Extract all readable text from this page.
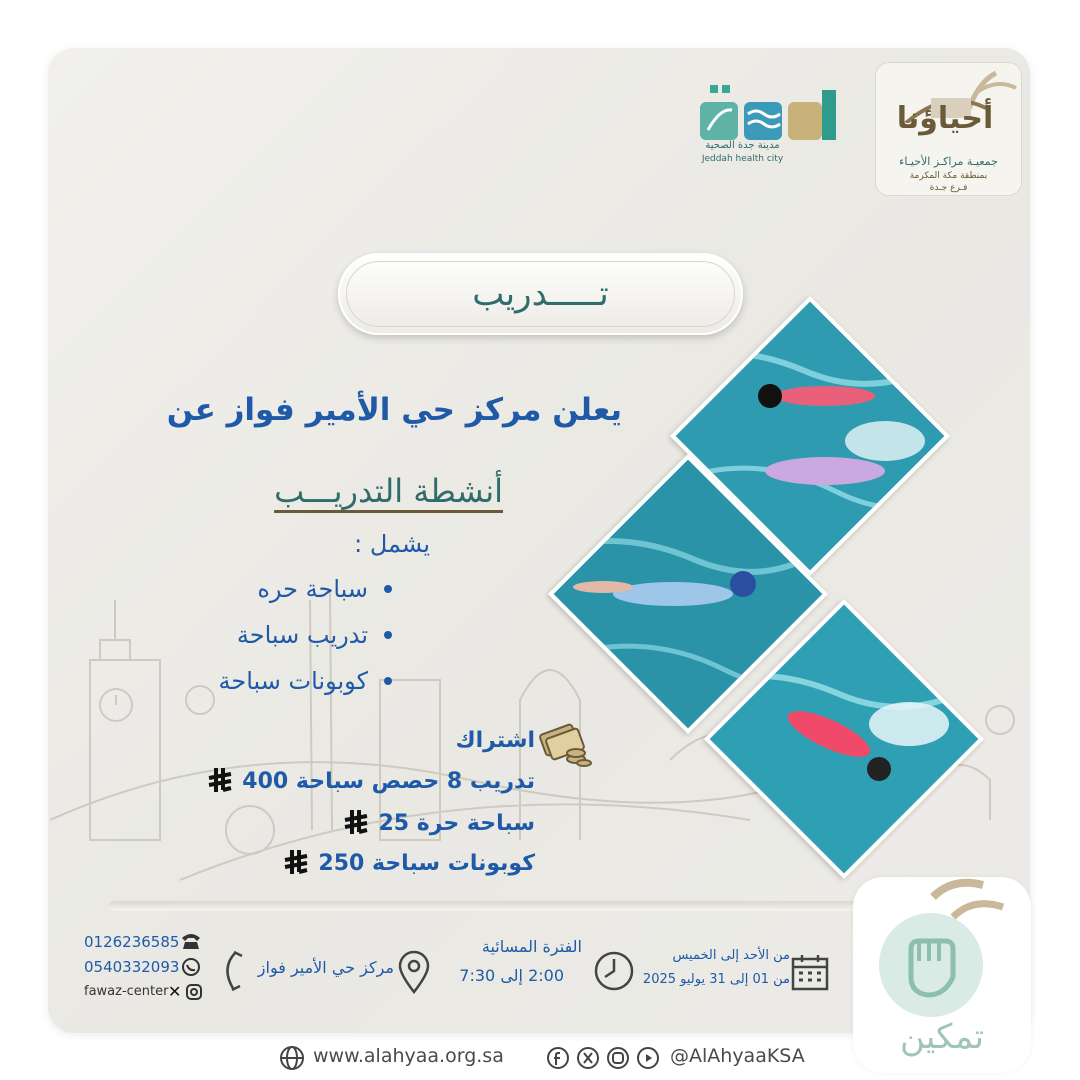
أحياؤنا
جمعيـة مراكـز الأحيـاء
بمنطقة مكة المكرمة
فـرع جـدة
مدينة جدة الصحية
Jeddah health city
تـــــدريب
يعلن مركز حي الأمير فواز عن
أنشطة التدريـــب
يشمل :
سباحة حره
تدريب سباحة
كوبونات سباحة
اشتراك
تدريب 8 حصص سباحة 400
سباحة حرة 25
كوبونات سباحة 250
0126236585
0540332093
fawaz-center ✕
مركز حي الأمير فواز
الفترة المسائية
2:00 إلى 7:30
من الأحد إلى الخميس
من 01 إلى 31 يوليو 2025
تمكين
www.alahyaa.org.sa	@AlAhyaaKSA
